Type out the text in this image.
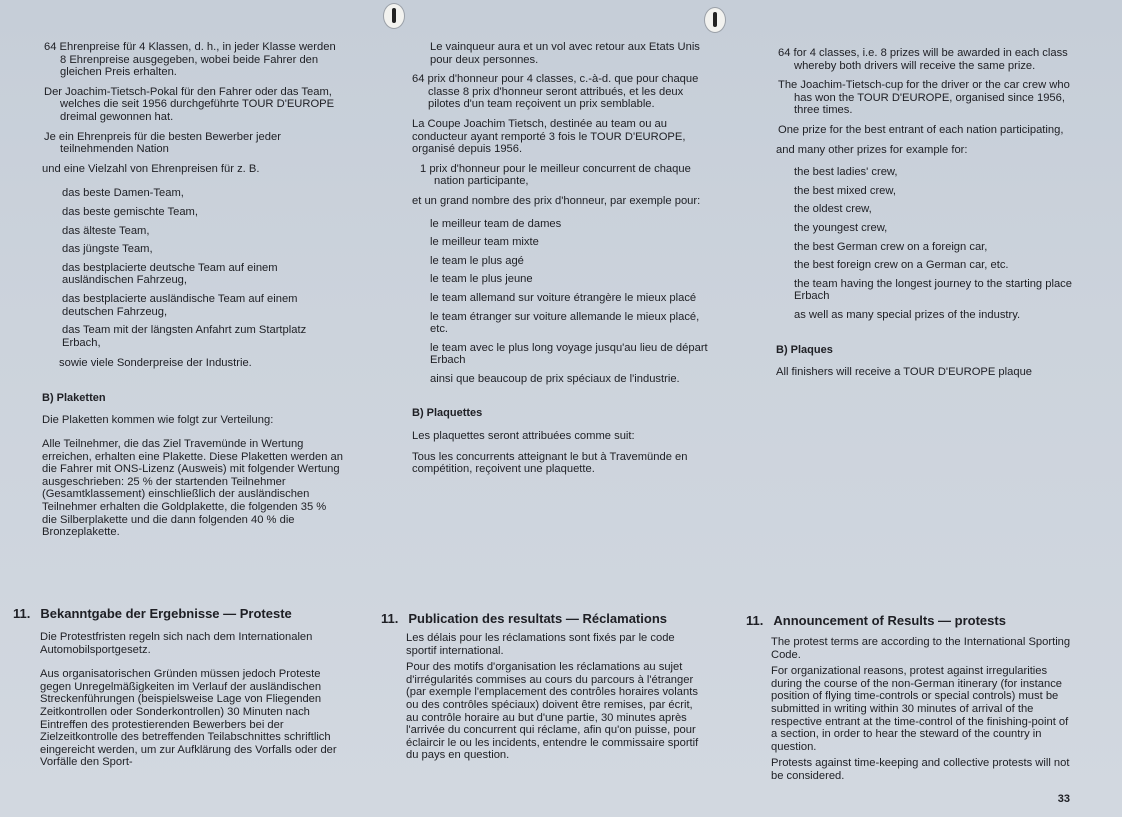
64 Ehrenpreise für 4 Klassen, d. h., in jeder Klasse werden 8 Ehrenpreise ausgegeben, wobei beide Fahrer den gleichen Preis erhalten.

Der Joachim-Tietsch-Pokal für den Fahrer oder das Team, welches die seit 1956 durchgeführte TOUR D'EUROPE dreimal gewonnen hat.

Je ein Ehrenpreis für die besten Bewerber jeder teilnehmenden Nation

und eine Vielzahl von Ehrenpreisen für z. B.

das beste Damen-Team,
das beste gemischte Team,
das älteste Team,
das jüngste Team,
das bestplacierte deutsche Team auf einem ausländischen Fahrzeug,
das bestplacierte ausländische Team auf einem deutschen Fahrzeug,
das Team mit der längsten Anfahrt zum Startplatz Erbach,

sowie viele Sonderpreise der Industrie.

B) Plaketten

Die Plaketten kommen wie folgt zur Verteilung:

Alle Teilnehmer, die das Ziel Travemünde in Wertung erreichen, erhalten eine Plakette. Diese Plaketten werden an die Fahrer mit ONS-Lizenz (Ausweis) mit folgender Wertung ausgeschrieben: 25 % der startenden Teilnehmer (Gesamtklassement) einschließlich der ausländischen Teilnehmer erhalten die Goldplakette, die folgenden 35 % die Silberplakette und die dann folgenden 40 % die Bronzeplakette.

Le vainqueur aura et un vol avec retour aux Etats Unis pour deux personnes.

64 prix d'honneur pour 4 classes, c.-à-d. que pour chaque classe 8 prix d'honneur seront attribués, et les deux pilotes d'un team reçoivent un prix semblable.

La Coupe Joachim Tietsch, destinée au team ou au conducteur ayant remporté 3 fois le TOUR D'EUROPE, organisé depuis 1956.

1 prix d'honneur pour le meilleur concurrent de chaque nation participante,

et un grand nombre des prix d'honneur, par exemple pour:

le meilleur team de dames
le meilleur team mixte
le team le plus agé
le team le plus jeune
le team allemand sur voiture étrangère le mieux placé
le team étranger sur voiture allemande le mieux placé, etc.
le team avec le plus long voyage jusqu'au lieu de départ Erbach
ainsi que beaucoup de prix spéciaux de l'industrie.
B) Plaquettes

Les plaquettes seront attribuées comme suit:

Tous les concurrents atteignant le but à Travemünde en compétition, reçoivent une plaquette.

64 for 4 classes, i.e. 8 prizes will be awarded in each class whereby both drivers will receive the same prize.

The Joachim-Tietsch-cup for the driver or the car crew who has won the TOUR D'EUROPE, organised since 1956, three times.

One prize for the best entrant of each nation participating,

and many other prizes for example for:

the best ladies' crew,
the best mixed crew,
the oldest crew,
the youngest crew,
the best German crew on a foreign car,
the best foreign crew on a German car, etc.
the team having the longest journey to the starting place Erbach
as well as many special prizes of the industry.
B) Plaques

All finishers will receive a TOUR D'EUROPE plaque

11. Bekanntgabe der Ergebnisse — Proteste	11. Publication des resultats — Réclamations	11. Announcement of Results — protests

Die Protestfristen regeln sich nach dem Internationalen Automobilsportgesetz.

Aus organisatorischen Gründen müssen jedoch Proteste gegen Unregelmäßigkeiten im Verlauf der ausländischen Streckenführungen (beispielsweise Lage von Fliegenden Zeitkontrollen oder Sonderkontrollen) 30 Minuten nach Eintreffen des protestierenden Bewerbers bei der Zielzeitkontrolle des betreffenden Teilabschnittes schriftlich eingereicht werden, um zur Aufklärung des Vorfalls oder der Vorfälle den Sport-

Les délais pour les réclamations sont fixés par le code sportif international.

Pour des motifs d'organisation les réclamations au sujet d'irrégularités commises au cours du parcours à l'étranger (par exemple l'emplacement des contrôles horaires volants ou des contrôles spéciaux) doivent être remises, par écrit, au contrôle horaire au but d'une partie, 30 minutes après l'arrivée du concurrent qui réclame, afin qu'on puisse, pour éclaircir le ou les incidents, entendre le commissaire sportif du pays en question.

The protest terms are according to the International Sporting Code.

For organizational reasons, protest against irregularities during the course of the non-German itinerary (for instance position of flying time-controls or special controls) must be submitted in writing within 30 minutes of arrival of the respective entrant at the time-control of the finishing-point of a section, in order to hear the steward of the country in question.

Protests against time-keeping and collective protests will not be considered.

33
